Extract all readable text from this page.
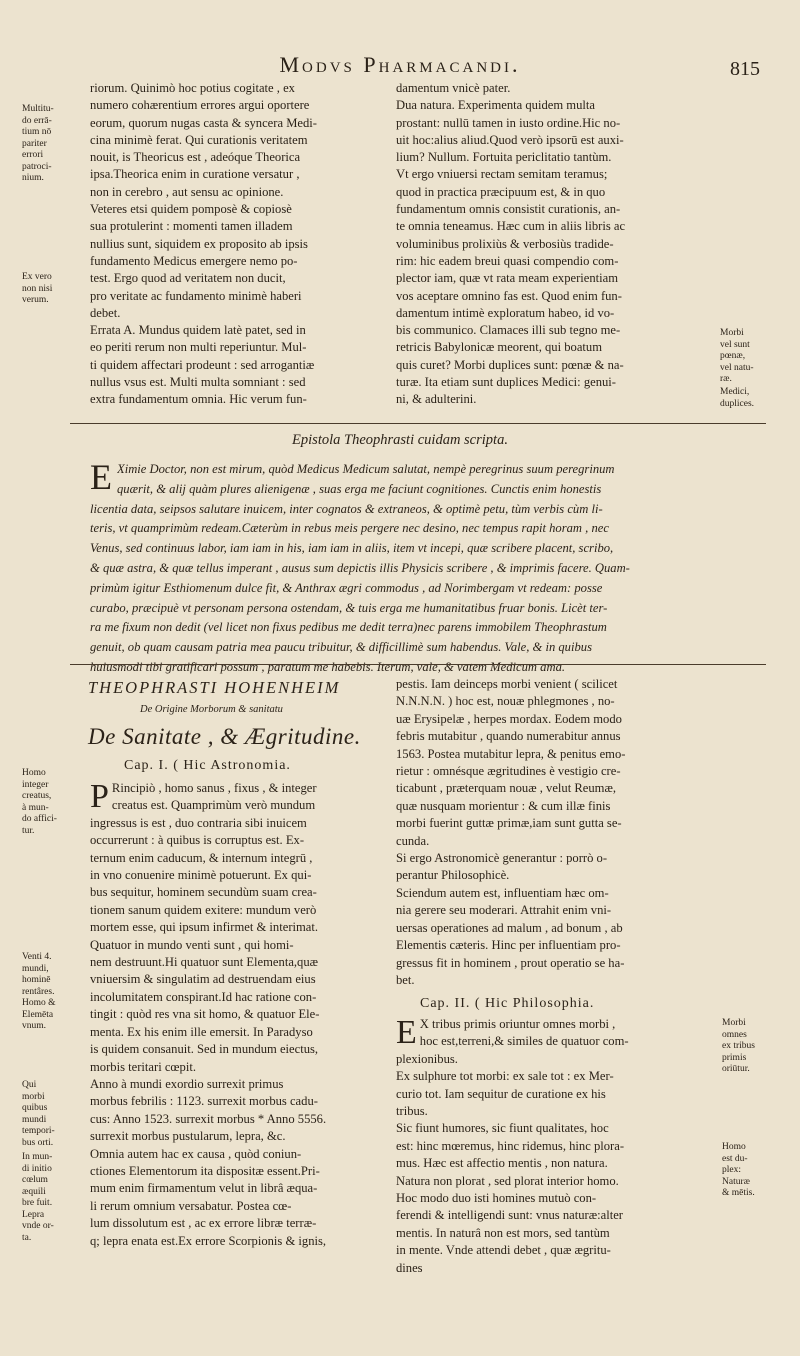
Modvs Pharmacandi.	815
riorum. Quinimò hoc potius cogitate , ex
numero cohærentium errores argui oportere
eorum, quorum nugas casta & syncera Medi-
cina minimè ferat. Qui curationis veritatem
nouit, is Theoricus est , adeóque Theorica
ipsa.Theorica enim in curatione versatur ,
non in cerebro , aut sensu ac opinione.
Veteres etsi quidem pomposè & copiosè
sua protulerint : momenti tamen illadem
nullius sunt, siquidem ex proposito ab ipsis
fundamento Medicus emergere nemo po-
test. Ergo quod ad veritatem non ducit,
pro veritate ac fundamento minimè haberi
debet.
Errata A. Mundus quidem latè patet, sed in
eo periti rerum non multi reperiuntur. Mul-
ti quidem affectari prodeunt : sed arrogantiæ
nullus vsus est. Multi multa somniant : sed
extra fundamentum omnia. Hic verum fun-
damentum vnicè pater.
Dua natura. Experimenta quidem multa
prostant: nullū tamen in iusto ordine.Hic no-
uit hoc:alius aliud.Quod verò ipsorū est auxi-
lium? Nullum. Fortuita periclitatio tantùm.
Vt ergo vniuersi rectam semitam teramus;
quod in practica præcipuum est, & in quo
fundamentum omnis consistit curationis, an-
te omnia teneamus. Hæc cum in aliis libris ac
voluminibus prolixiùs & verbosiùs tradide-
rim: hic eadem breui quasi compendio com-
plector iam, quæ vt rata meam experientiam
vos aceptare omnino fas est. Quod enim fun-
damentum intimè exploratum habeo, id vo-
bis communico. Clamaces illi sub tegno me-
retricis Babylonicæ meorent, qui boatum
quis curet? Morbi duplices sunt: pœnæ & na-
turæ. Ita etiam sunt duplices Medici: genui-
ni, & adulterini.
Multitu-
do errā-
tium nō
pariter
errori
patroci-
nium.
Ex vero
non nisi
verum.
Morbi
vel sunt
pœnæ,
vel natu-
ræ.
Medici,
duplices.
Epistola Theophrasti cuidam scripta.
E Ximie Doctor, non est mirum, quòd Medicus Medicum salutat, nempè peregrinus suum peregrinum
quærit, & alij quàm plures alienigenæ , suas erga me faciunt cognitiones. Cunctis enim honestis
licentia data, seipsos salutare inuicem, inter cognatos & extraneos, & optimè petu, tùm verbis cùm li-
teris, vt quamprimùm redeam.Cæterùm in rebus meis pergere nec desino, nec tempus rapit horam , nec
Venus, sed continuus labor, iam iam in his, iam iam in aliis, item vt incepi, quæ scribere placent, scribo,
& quæ astra, & quæ tellus imperant , ausus sum depictis illis Physicis scribere , & imprimis facere. Quam-
primùm igitur Esthiomenum dulce fit, & Anthrax ægri commodus , ad Norimbergam vt redeam: posse
curabo, præcipuè vt personam persona ostendam, & tuis erga me humanitatibus fruar bonis. Licèt ter-
ra me fixum non dedit (vel licet non fixus pedibus me dedit terra)nec parens immobilem Theophrastum
genuit, ob quam causam patria mea paucu tribuitur, & difficillimè sum habendus. Vale, & in quibus
huiusmodi tibi gratificari possum , paratum me habebis. Iterum, vale, & vatem Medicum ama.
THEOPHRASTI HOHENHEIM
De Origine Morborum & sanitatu
De Sanitate , & Ægritudine.
Cap. I. ( Hic Astronomia.
P Rincipiò , homo sanus , fixus , & integer
creatus est. Quamprimùm verò mundum
ingressus is est , duo contraria sibi inuicem
occurrerunt : à quibus is corruptus est. Ex-
ternum enim caducum, & internum integrū ,
in vno conuenire minimè potuerunt. Ex qui-
bus sequitur, hominem secundùm suam crea-
tionem sanum quidem exitere: mundum verò
mortem esse, qui ipsum infirmet & interimat.
Quatuor in mundo venti sunt , qui homi-
nem destruunt.Hi quatuor sunt Elementa,quæ
vniuersim & singulatim ad destruendam eius
incolumitatem conspirant.Id hac ratione con-
tingit : quòd res vna sit homo, & quatuor Ele-
menta. Ex his enim ille emersit. In Paradyso
is quidem consanuit. Sed in mundum eiectus,
morbis teritari cœpit.
Anno à mundi exordio surrexit primus
morbus febrilis : 1123. surrexit morbus cadu-
cus: Anno 1523. surrexit morbus * Anno 5556.
surrexit morbus pustularum, lepra, &c.
Omnia autem hac ex causa , quòd coniun-
ctiones Elementorum ita dispositæ essent.Pri-
mum enim firmamentum velut in librâ æqua-
li rerum omnium versabatur. Postea cœ-
lum dissolutum est , ac ex errore libræ terræ-
q; lepra enata est.Ex errore Scorpionis & ignis,
pestis. Iam deinceps morbi venient ( scilicet
N.N.N.N. ) hoc est, nouæ phlegmones , no-
uæ Erysipelæ , herpes mordax. Eodem modo
febris mutabitur , quando numerabitur annus
1563. Postea mutabitur lepra, & penitus emo-
rietur : omnésque ægritudines è vestigio cre-
ticabunt , præterquam nouæ , velut Reumæ,
quæ nusquam morientur : & cum illæ finis
morbi fuerint guttæ primæ,iam sunt gutta se-
cunda.
Si ergo Astronomicè generantur : porrò o-
perantur Philosophicè.
Sciendum autem est, influentiam hæc om-
nia gerere seu moderari. Attrahit enim vni-
uersas operationes ad malum , ad bonum , ab
Elementis cæteris. Hinc per influentiam pro-
gressus fit in hominem , prout operatio se ha-
bet.
Cap. II. ( Hic Philosophia.
E X tribus primis oriuntur omnes morbi ,
hoc est,terreni,& similes de quatuor com-
plexionibus.
Ex sulphure tot morbi: ex sale tot : ex Mer-
curio tot. Iam sequitur de curatione ex his
tribus.
Sic fiunt humores, sic fiunt qualitates, hoc
est: hinc mœremus, hinc ridemus, hinc plora-
mus. Hæc est affectio mentis , non natura.
Natura non plorat , sed plorat interior homo.
Hoc modo duo isti homines mutuò con-
ferendi & intelligendi sunt: vnus naturæ:alter
mentis. In naturâ non est mors, sed tantùm
in mente. Vnde attendi debet , quæ ægritu-
dines
Homo
integer
creatus,
à mun-
do affici-
tur.
Venti 4.
mundi,
hominē
rentâres.
Homo &
Elemēta
vnum.
Qui
morbi
quibus
mundi
tempori-
bus orti.
In mun-
di initio
cœlum
æquili
bre fuit.
Lepra
vnde or-
ta.
Morbi
omnes
ex tribus
primis
oriūtur.
Homo
est du-
plex:
Naturæ
& mētis.
